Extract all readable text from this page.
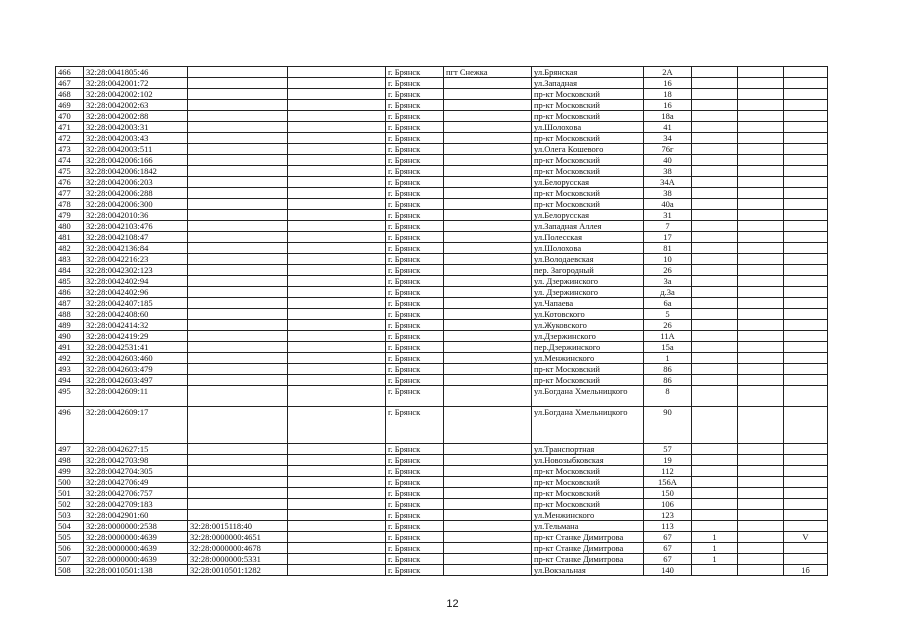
466	32:28:0041805:46			г. Брянск	пгт Снежка	ул.Брянская	2А			
467	32:28:0042001:72			г. Брянск		ул.Западная	16			
468	32:28:0042002:102			г. Брянск		пр-кт Московский	18			
469	32:28:0042002:63			г. Брянск		пр-кт Московский	16			
470	32:28:0042002:88			г. Брянск		пр-кт Московский	18а			
471	32:28:0042003:31			г. Брянск		ул.Шолохова	41			
472	32:28:0042003:43			г. Брянск		пр-кт Московский	34			
473	32:28:0042003:511			г. Брянск		ул.Олега Кошевого	76г			
474	32:28:0042006:166			г. Брянск		пр-кт Московский	40			
475	32:28:0042006:1842			г. Брянск		пр-кт Московский	38			
476	32:28:0042006:203			г. Брянск		ул.Белорусская	34А			
477	32:28:0042006:288			г. Брянск		пр-кт Московский	38			
478	32:28:0042006:300			г. Брянск		пр-кт Московский	40а			
479	32:28:0042010:36			г. Брянск		ул.Белорусская	31			
480	32:28:0042103:476			г. Брянск		ул.Западная Аллея	7			
481	32:28:0042108:47			г. Брянск		ул.Полесская	17			
482	32:28:0042136:84			г. Брянск		ул.Шолохова	81			
483	32:28:0042216:23			г. Брянск		ул.Володаевская	10			
484	32:28:0042302:123			г. Брянск		пер. Загородный	26			
485	32:28:0042402:94			г. Брянск		ул. Дзержинского	3а			
486	32:28:0042402:96			г. Брянск		ул. Дзержинского	д.3а			
487	32:28:0042407:185			г. Брянск		ул.Чапаева	6а			
488	32:28:0042408:60			г. Брянск		ул.Котовского	5			
489	32:28:0042414:32			г. Брянск		ул.Жуковского	26			
490	32:28:0042419:29			г. Брянск		ул.Дзержинского	11А			
491	32:28:0042531:41			г. Брянск		пер.Дзержинского	15а			
492	32:28:0042603:460			г. Брянск		ул.Менжинского	1			
493	32:28:0042603:479			г. Брянск		пр-кт Московский	86			
494	32:28:0042603:497			г. Брянск		пр-кт Московский	86			
495	32:28:0042609:11			г. Брянск		ул.Богдана Хмельницкого	8			
496	32:28:0042609:17			г. Брянск		ул.Богдана Хмельницкого	90			
497	32:28:0042627:15			г. Брянск		ул.Транспортная	57			
498	32:28:0042703:98			г. Брянск		ул.Новозыбковская	19			
499	32:28:0042704:305			г. Брянск		пр-кт Московский	112			
500	32:28:0042706:49			г. Брянск		пр-кт Московский	156А			
501	32:28:0042706:757			г. Брянск		пр-кт Московский	150			
502	32:28:0042709:183			г. Брянск		пр-кт Московский	106			
503	32:28:0042901:60			г. Брянск		ул.Менжинского	123			
504	32:28:0000000:2538	32:28:0015118:40		г. Брянск		ул.Тельмана	113			
505	32:28:0000000:4639	32:28:0000000:4651		г. Брянск		пр-кт Станке Димитрова	67	1		V
506	32:28:0000000:4639	32:28:0000000:4678		г. Брянск		пр-кт Станке Димитрова	67	1		
507	32:28:0000000:4639	32:28:0000000:5331		г. Брянск		пр-кт Станке Димитрова	67	1		
508	32:28:0010501:138	32:28:0010501:1282		г. Брянск		ул.Вокзальная	140			1б
12
